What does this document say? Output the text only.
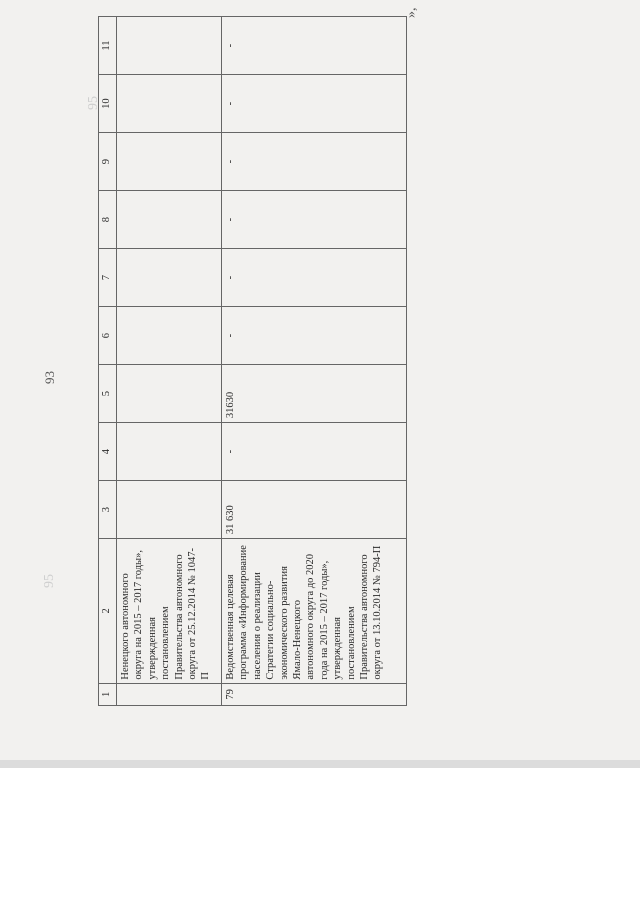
95
95
93
»,
1	2	3	4	5	6	7	8	9	10	11
	Ненецкого автономного округа на 2015 – 2017 годы», утвержденная постановлением Правительства автономного округа от 25.12.2014 № 1047-П									
79	Ведомственная целевая программа «Информирование населения о реализации Стратегии социально-экономического развития Ямало-Ненецкого автономного округа до 2020 года на 2015 – 2017 годы», утвержденная постановлением Правительства автономного округа от 13.10.2014 № 794-П	31 630	-	31630	-	-	-	-	-	-
